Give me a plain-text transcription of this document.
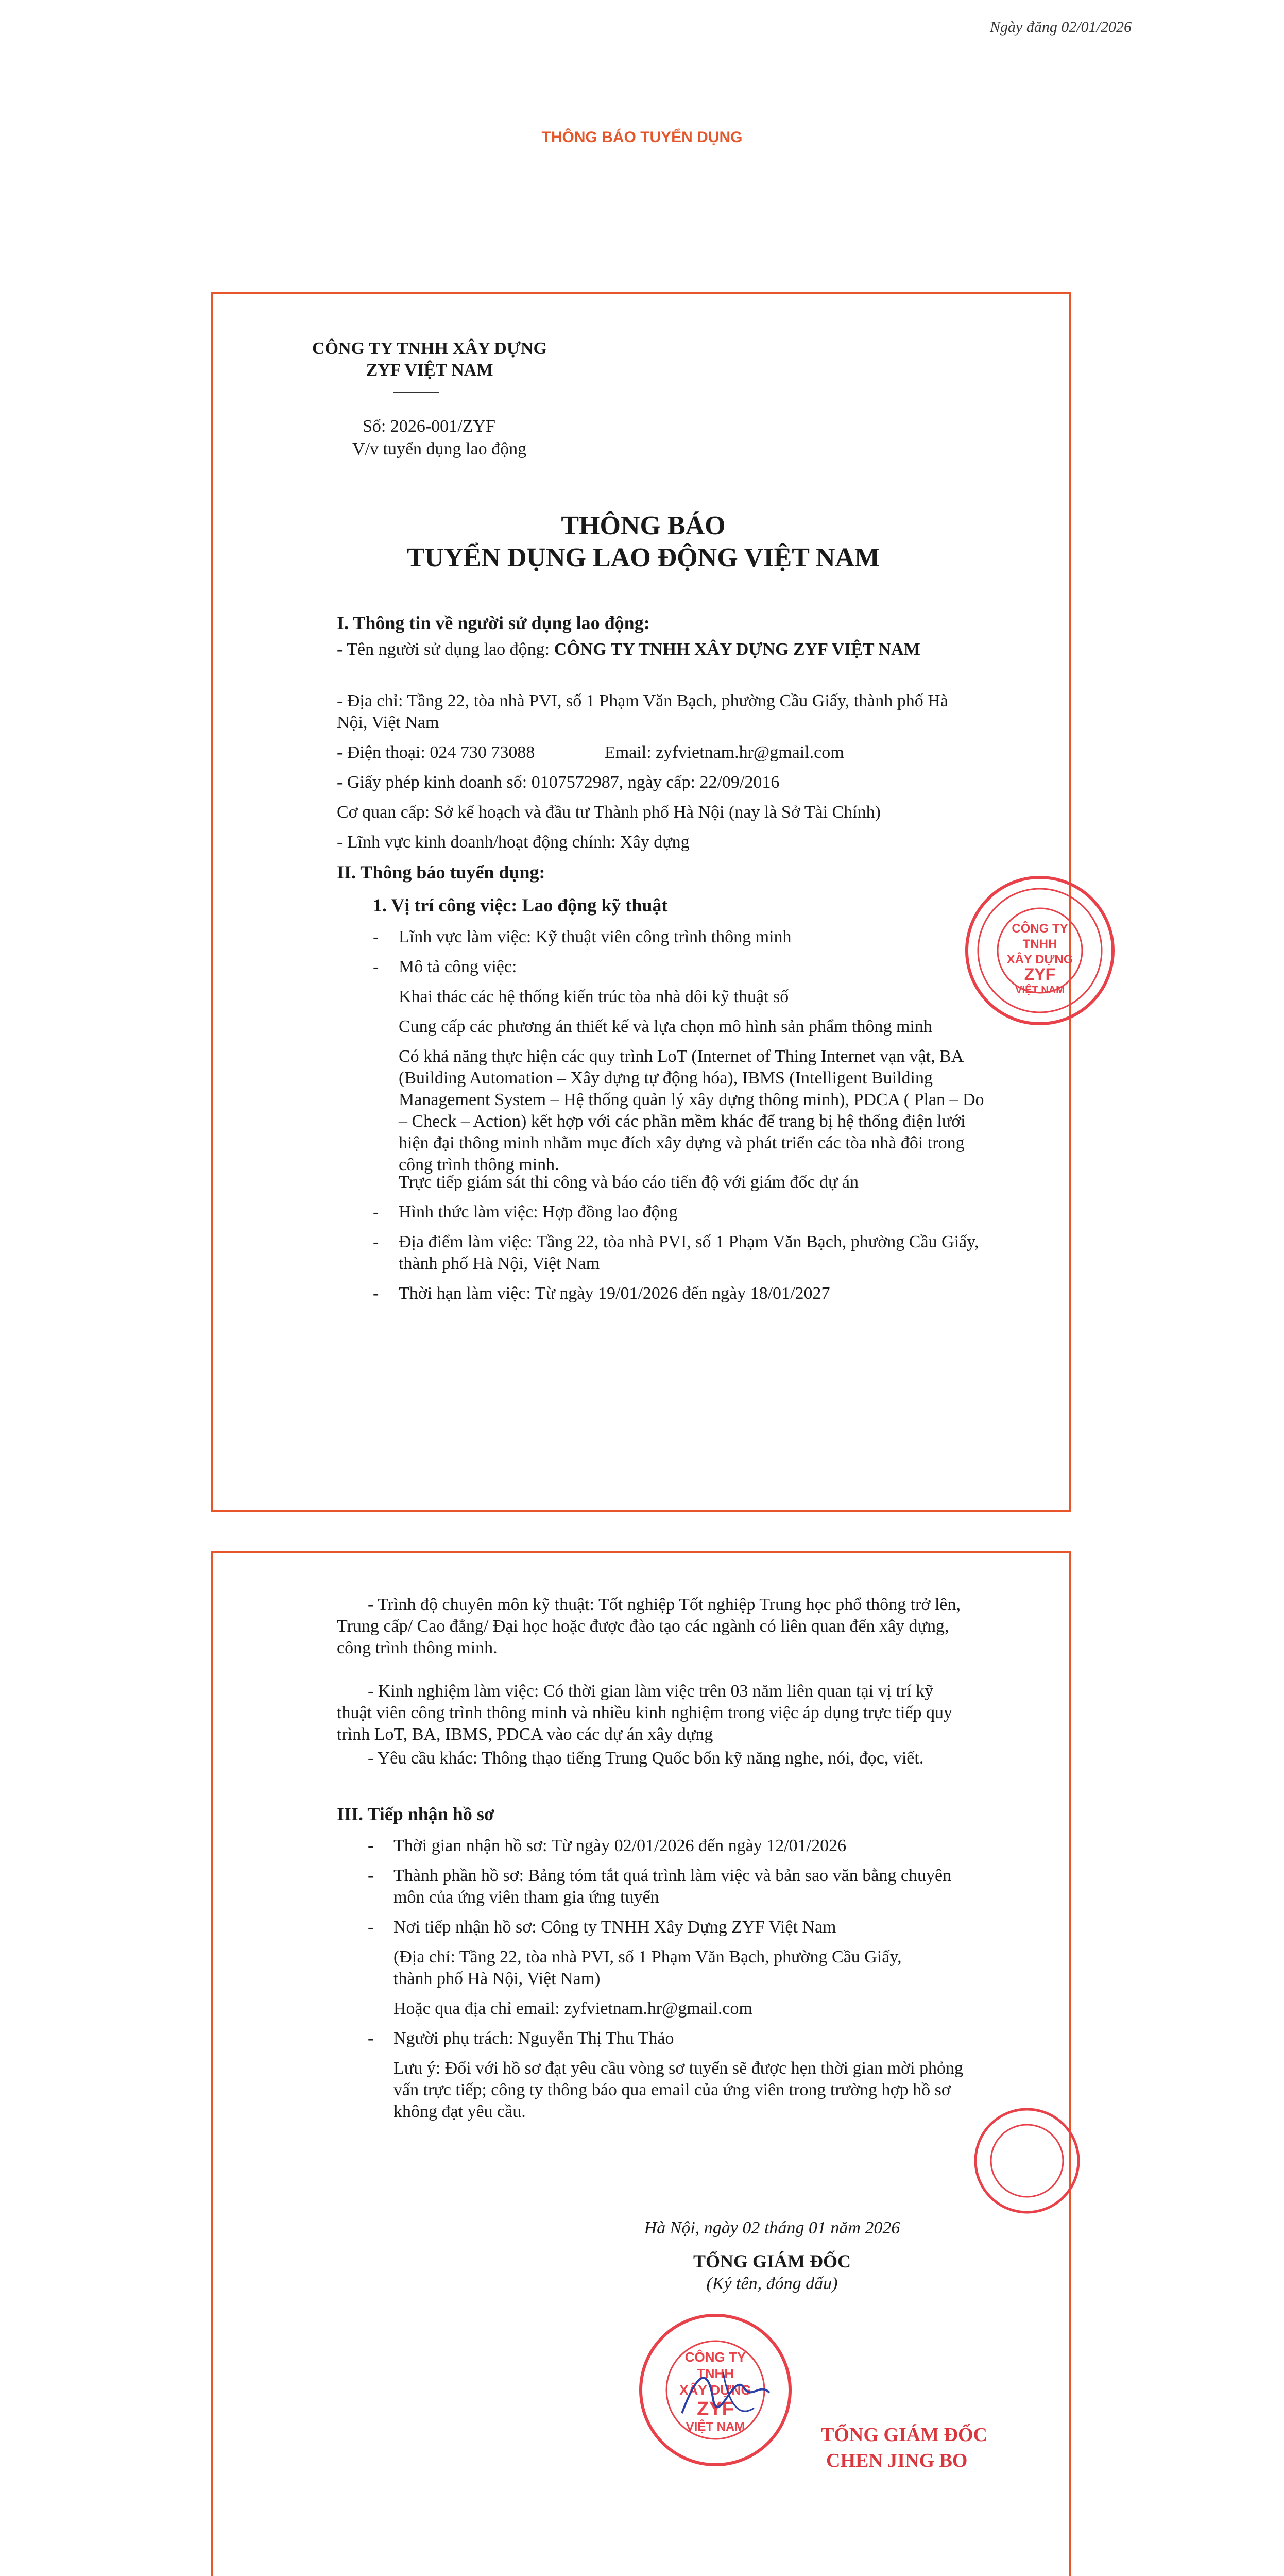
Ngày đăng 02/01/2026
THÔNG BÁO TUYỂN DỤNG
CÔNG TY TNHH XÂY DỰNG
ZYF VIỆT NAM
Số: 2026-001/ZYF
V/v tuyển dụng lao động
THÔNG BÁO
TUYỂN DỤNG LAO ĐỘNG VIỆT NAM
I. Thông tin về người sử dụng lao động:
- Tên người sử dụng lao động: CÔNG TY TNHH XÂY DỰNG ZYF VIỆT NAM
- Địa chỉ: Tầng 22, tòa nhà PVI, số 1 Phạm Văn Bạch, phường Cầu Giấy, thành phố Hà Nội, Việt Nam
- Điện thoại: 024 730 73088	Email: zyfvietnam.hr@gmail.com
- Giấy phép kinh doanh số: 0107572987, ngày cấp: 22/09/2016
Cơ quan cấp: Sở kế hoạch và đầu tư Thành phố Hà Nội (nay là Sở Tài Chính)
- Lĩnh vực kinh doanh/hoạt động chính: Xây dựng
II. Thông báo tuyển dụng:
1. Vị trí công việc: Lao động kỹ thuật
- Lĩnh vực làm việc: Kỹ thuật viên công trình thông minh
- Mô tả công việc:
Khai thác các hệ thống kiến trúc tòa nhà dôi kỹ thuật số
Cung cấp các phương án thiết kế và lựa chọn mô hình sản phẩm thông minh
Có khả năng thực hiện các quy trình LoT (Internet of Thing Internet vạn vật, BA (Building Automation – Xây dựng tự động hóa), IBMS (Intelligent Building Management System – Hệ thống quản lý xây dựng thông minh), PDCA ( Plan – Do – Check – Action) kết hợp với các phần mềm khác để trang bị hệ thống điện lưới hiện đại thông minh nhằm mục đích xây dựng và phát triển các tòa nhà đôi trong công trình thông minh.
Trực tiếp giám sát thi công và báo cáo tiến độ với giám đốc dự án
- Hình thức làm việc: Hợp đồng lao động
- Địa điểm làm việc: Tầng 22, tòa nhà PVI, số 1 Phạm Văn Bạch, phường Cầu Giấy, thành phố Hà Nội, Việt Nam
- Thời hạn làm việc: Từ ngày 19/01/2026 đến ngày 18/01/2027
CÔNG TY
TNHH
XÂY DỰNG
ZYF
VIỆT NAM
- Trình độ chuyên môn kỹ thuật: Tốt nghiệp Tốt nghiệp Trung học phổ thông trở lên, Trung cấp/ Cao đẳng/ Đại học hoặc được đào tạo các ngành có liên quan đến xây dựng, công trình thông minh.
- Kinh nghiệm làm việc: Có thời gian làm việc trên 03 năm liên quan tại vị trí kỹ thuật viên công trình thông minh và nhiều kinh nghiệm trong việc áp dụng trực tiếp quy trình LoT, BA, IBMS, PDCA vào các dự án xây dựng
- Yêu cầu khác: Thông thạo tiếng Trung Quốc bốn kỹ năng nghe, nói, đọc, viết.
III. Tiếp nhận hồ sơ
- Thời gian nhận hồ sơ: Từ ngày 02/01/2026 đến ngày 12/01/2026
- Thành phần hồ sơ: Bảng tóm tắt quá trình làm việc và bản sao văn bằng chuyên môn của ứng viên tham gia ứng tuyển
- Nơi tiếp nhận hồ sơ: Công ty TNHH Xây Dựng ZYF Việt Nam
(Địa chỉ: Tầng 22, tòa nhà PVI, số 1 Phạm Văn Bạch, phường Cầu Giấy, thành phố Hà Nội, Việt Nam)
Hoặc qua địa chỉ email: zyfvietnam.hr@gmail.com
- Người phụ trách: Nguyễn Thị Thu Thảo
Lưu ý: Đối với hồ sơ đạt yêu cầu vòng sơ tuyển sẽ được hẹn thời gian mời phỏng vấn trực tiếp; công ty thông báo qua email của ứng viên trong trường hợp hồ sơ không đạt yêu cầu.
Hà Nội, ngày 02 tháng 01 năm 2026
TỔNG GIÁM ĐỐC
(Ký tên, đóng dấu)
CÔNG TY
TNHH
XÂY DỰNG
ZYF
VIỆT NAM	TỔNG GIÁM ĐỐC
CHEN JING BO
